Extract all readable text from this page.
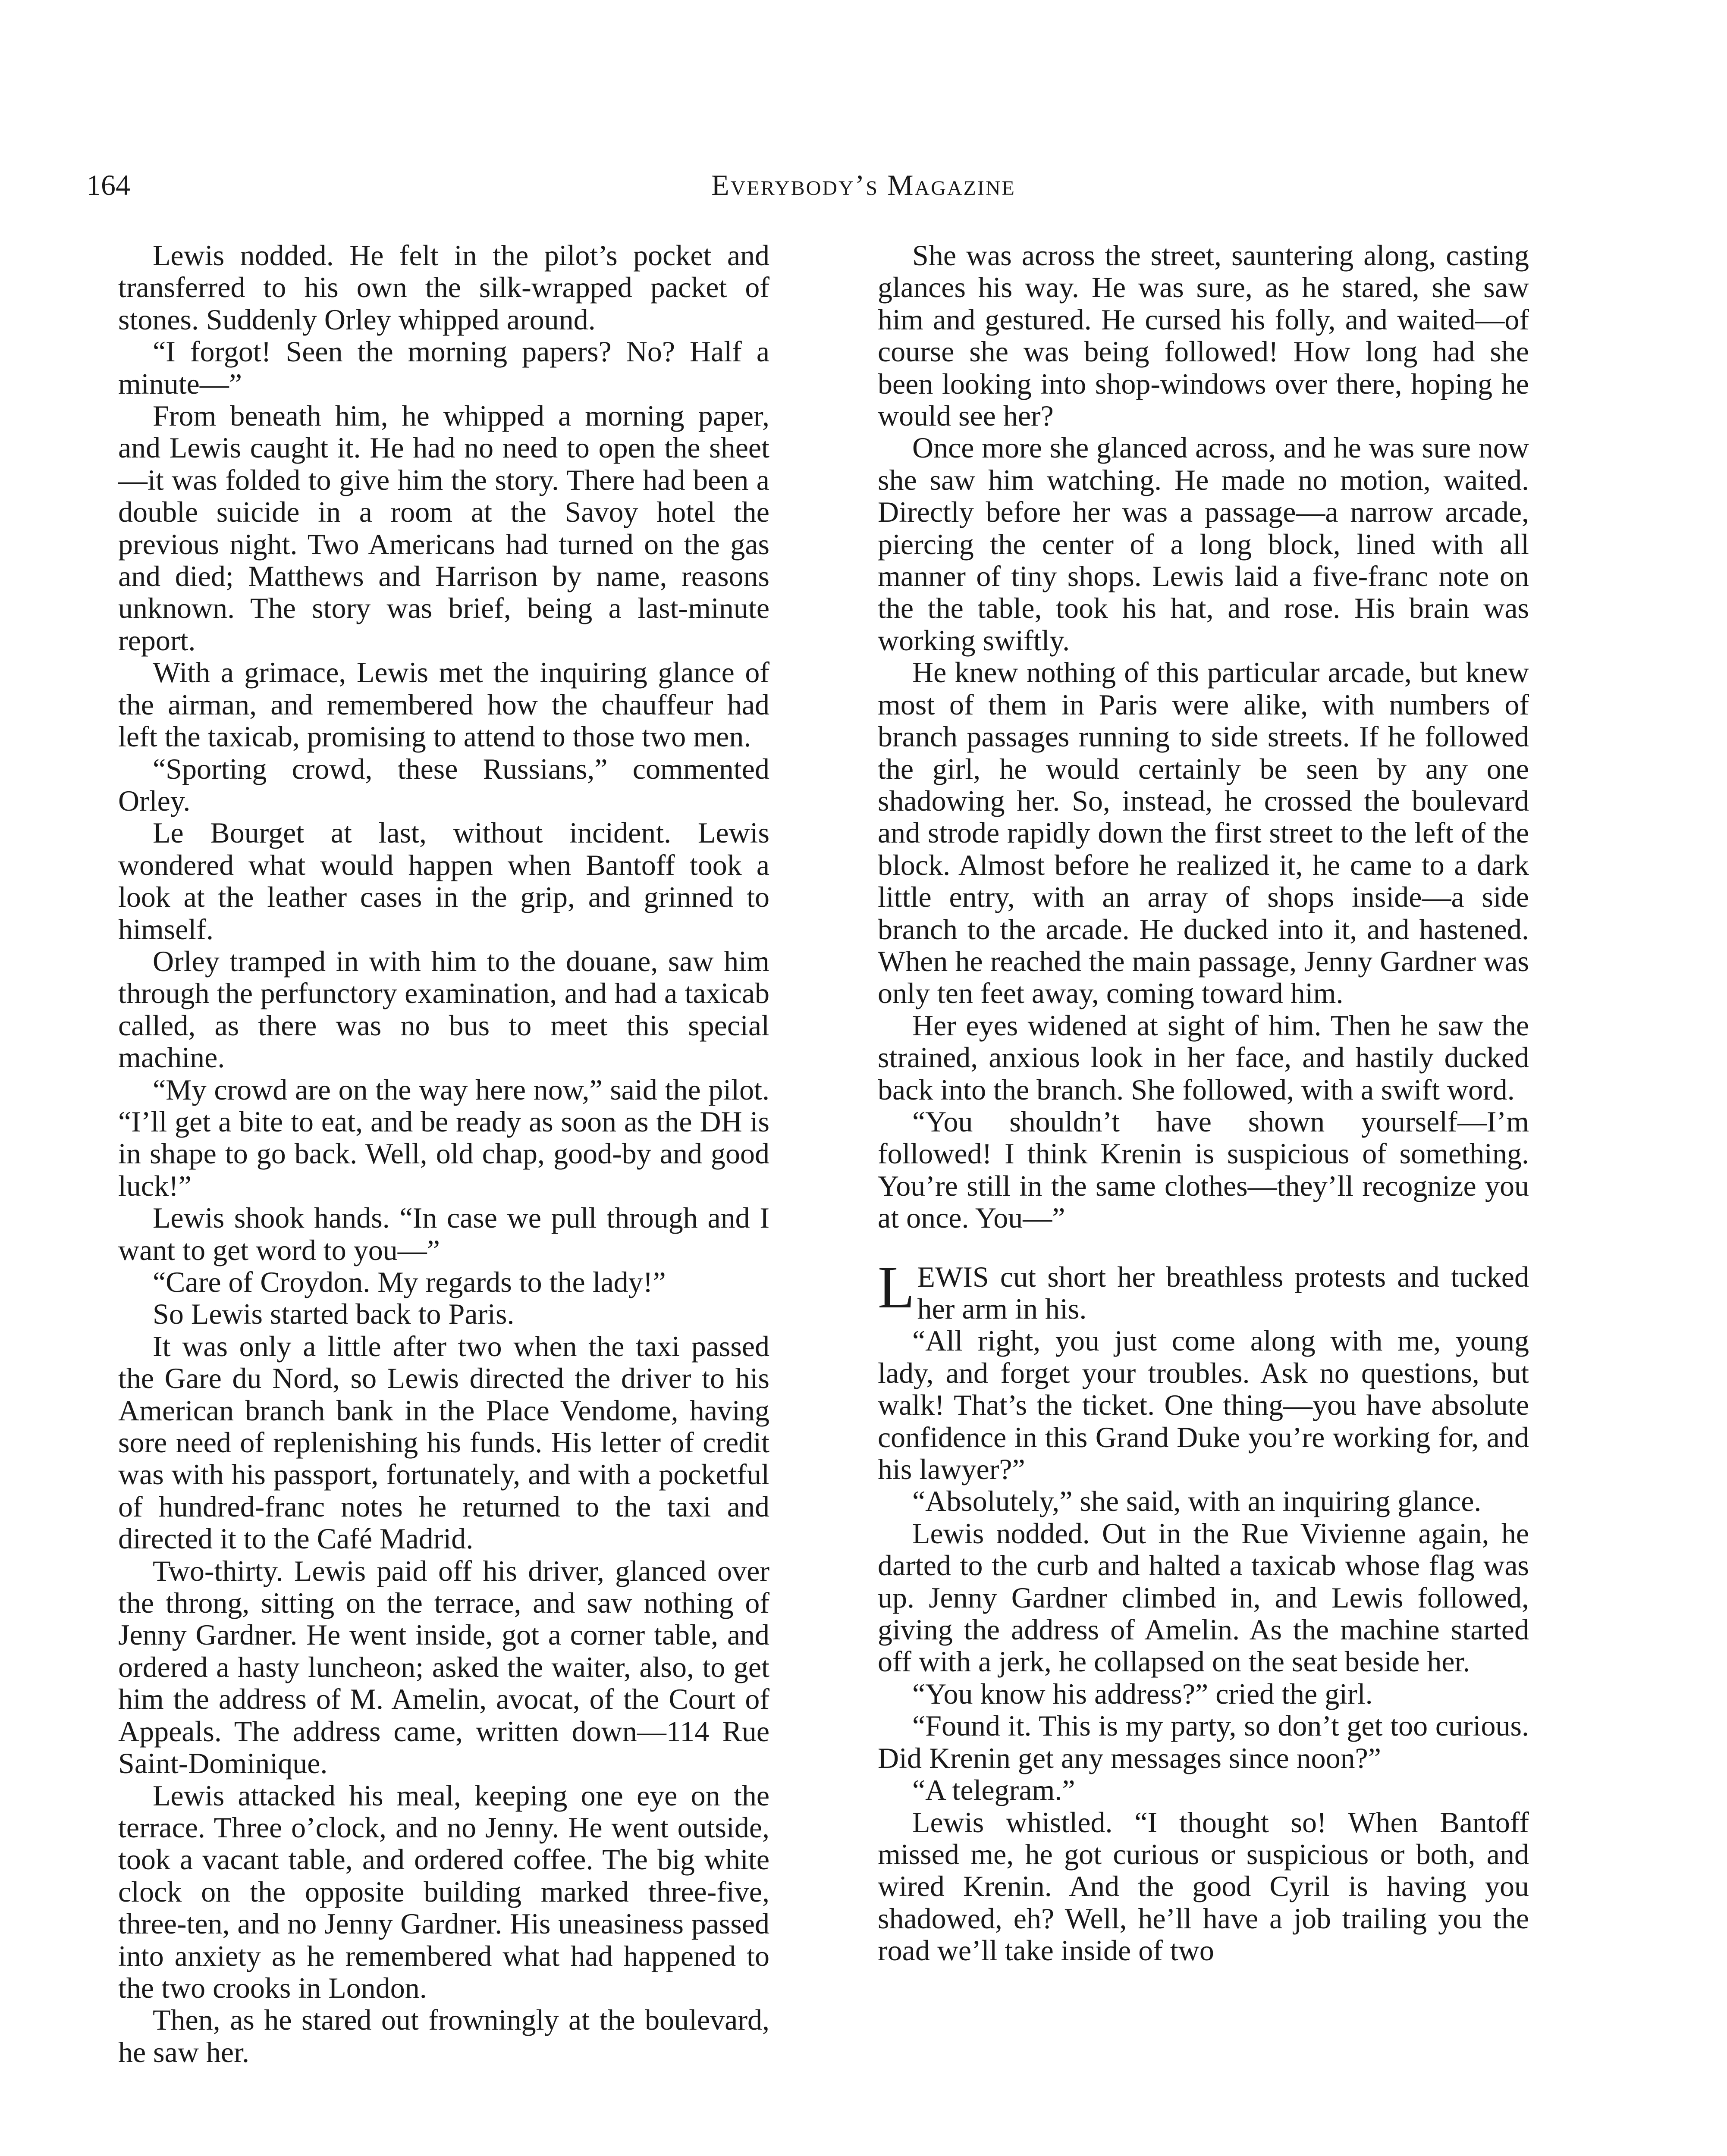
164	Everybody’s Magazine

Lewis nodded. He felt in the pilot’s pocket and transferred to his own the silk-wrapped packet of stones. Suddenly Orley whipped around.

“I forgot! Seen the morning papers? No? Half a minute—”

From beneath him, he whipped a morning paper, and Lewis caught it. He had no need to open the sheet—it was folded to give him the story. There had been a double suicide in a room at the Savoy hotel the previous night. Two Americans had turned on the gas and died; Matthews and Harrison by name, reasons unknown. The story was brief, being a last-minute report.

With a grimace, Lewis met the inquiring glance of the airman, and remembered how the chauffeur had left the taxicab, promising to attend to those two men.

“Sporting crowd, these Russians,” commented Orley.

Le Bourget at last, without incident. Lewis wondered what would happen when Bantoff took a look at the leather cases in the grip, and grinned to himself.

Orley tramped in with him to the douane, saw him through the perfunctory examination, and had a taxicab called, as there was no bus to meet this special machine.

“My crowd are on the way here now,” said the pilot. “I’ll get a bite to eat, and be ready as soon as the DH is in shape to go back. Well, old chap, good-by and good luck!”

Lewis shook hands. “In case we pull through and I want to get word to you—”

“Care of Croydon. My regards to the lady!”

So Lewis started back to Paris.

It was only a little after two when the taxi passed the Gare du Nord, so Lewis directed the driver to his American branch bank in the Place Vendome, having sore need of replenishing his funds. His letter of credit was with his passport, fortunately, and with a pocketful of hundred-franc notes he returned to the taxi and directed it to the Café Madrid.

Two-thirty. Lewis paid off his driver, glanced over the throng, sitting on the terrace, and saw nothing of Jenny Gardner. He went inside, got a corner table, and ordered a hasty luncheon; asked the waiter, also, to get him the address of M. Amelin, avocat, of the Court of Appeals. The address came, written down—114 Rue Saint-Dominique.

Lewis attacked his meal, keeping one eye on the terrace. Three o’clock, and no Jenny. He went outside, took a vacant table, and ordered coffee. The big white clock on the opposite building marked three-five, three-ten, and no Jenny Gardner. His uneasiness passed into anxiety as he remembered what had happened to the two crooks in London.

Then, as he stared out frowningly at the boulevard, he saw her.

She was across the street, sauntering along, casting glances his way. He was sure, as he stared, she saw him and gestured. He cursed his folly, and waited—of course she was being followed! How long had she been looking into shop-windows over there, hoping he would see her?

Once more she glanced across, and he was sure now she saw him watching. He made no motion, waited. Directly before her was a passage—a narrow arcade, piercing the center of a long block, lined with all manner of tiny shops. Lewis laid a five-franc note on the the table, took his hat, and rose. His brain was working swiftly.

He knew nothing of this particular arcade, but knew most of them in Paris were alike, with numbers of branch passages running to side streets. If he followed the girl, he would certainly be seen by any one shadowing her. So, instead, he crossed the boulevard and strode rapidly down the first street to the left of the block. Almost before he realized it, he came to a dark little entry, with an array of shops inside—a side branch to the arcade. He ducked into it, and hastened. When he reached the main passage, Jenny Gardner was only ten feet away, coming toward him.

Her eyes widened at sight of him. Then he saw the strained, anxious look in her face, and hastily ducked back into the branch. She followed, with a swift word.

“You shouldn’t have shown yourself—I’m followed! I think Krenin is suspicious of something. You’re still in the same clothes—they’ll recognize you at once. You—”

LEWIS cut short her breathless protests and tucked her arm in his.

“All right, you just come along with me, young lady, and forget your troubles. Ask no questions, but walk! That’s the ticket. One thing—you have absolute confidence in this Grand Duke you’re working for, and his lawyer?”

“Absolutely,” she said, with an inquiring glance.

Lewis nodded. Out in the Rue Vivienne again, he darted to the curb and halted a taxicab whose flag was up. Jenny Gardner climbed in, and Lewis followed, giving the address of Amelin. As the machine started off with a jerk, he collapsed on the seat beside her.

“You know his address?” cried the girl.

“Found it. This is my party, so don’t get too curious. Did Krenin get any messages since noon?”

“A telegram.”

Lewis whistled. “I thought so! When Bantoff missed me, he got curious or suspicious or both, and wired Krenin. And the good Cyril is having you shadowed, eh? Well, he’ll have a job trailing you the road we’ll take inside of two
